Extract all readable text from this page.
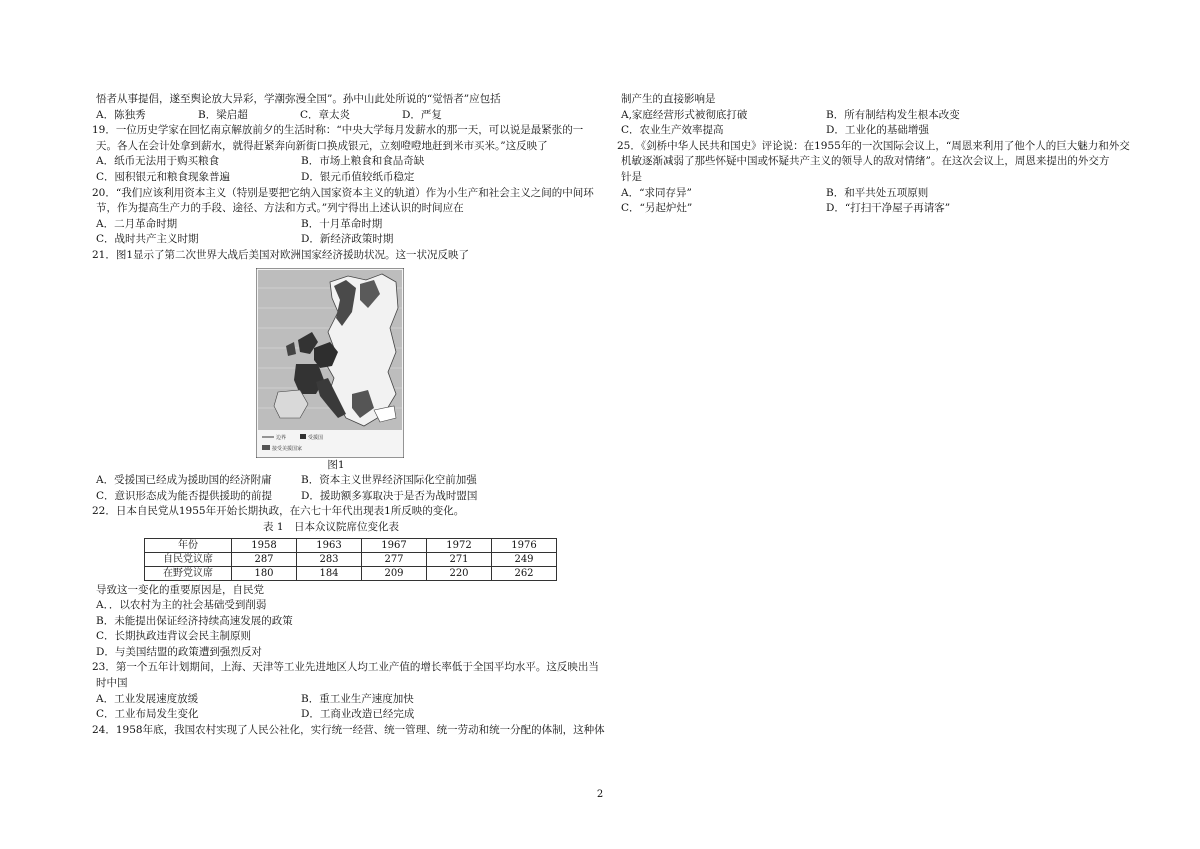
悟者从事提倡，遂至舆论放大异彩，学潮弥漫全国”。孙中山此处所说的“觉悟者”应包括
A．陈独秀	B．梁启超	C．章太炎	D．严复
19．一位历史学家在回忆南京解放前夕的生活时称：“中央大学每月发薪水的那一天，可以说是最紧张的一
天。各人在会计处拿到薪水，就得赶紧奔向新街口换成银元，立刻噔噔地赶到米市买米。”这反映了
A．纸币无法用于购买粮食	B．市场上粮食和食品奇缺
C．囤积银元和粮食现象普遍	D．银元币值较纸币稳定
20．“我们应该利用资本主义（特别是要把它纳入国家资本主义的轨道）作为小生产和社会主义之间的中间环
节，作为提高生产力的手段、途径、方法和方式。”列宁得出上述认识的时间应在
A．二月革命时期	B．十月革命时期
C．战时共产主义时期	D．新经济政策时期
21．图1显示了第二次世界大战后美国对欧洲国家经济援助状况。这一状况反映了
边界	受援国
接受美援国家
图1
A．受援国已经成为援助国的经济附庸	B．资本主义世界经济国际化空前加强
C．意识形态成为能否提供援助的前提	D．援助额多寡取决于是否为战时盟国
22．日本自民党从1955年开始长期执政，在六七十年代出现表1所反映的变化。
表 1　日本众议院席位变化表
年份	1958	1963	1967	1972	1976
自民党议席	287	283	277	271	249
在野党议席	180	184	209	220	262
导致这一变化的重要原因是，自民党
A．．以农村为主的社会基础受到削弱
B．未能提出保证经济持续高速发展的政策
C．长期执政违背议会民主制原则
D．与美国结盟的政策遭到强烈反对
23．第一个五年计划期间，上海、天津等工业先进地区人均工业产值的增长率低于全国平均水平。这反映出当
时中国
A．工业发展速度放缓	B．重工业生产速度加快
C．工业布局发生变化	D．工商业改造已经完成
24．1958年底，我国农村实现了人民公社化，实行统一经营、统一管理、统一劳动和统一分配的体制，这种体
制产生的直接影响是
A,家庭经营形式被彻底打破	B．所有制结构发生根本改变
C．农业生产效率提高	D．工业化的基础增强
25．《剑桥中华人民共和国史》评论说：在1955年的一次国际会议上，“周恩来利用了他个人的巨大魅力和外交
机敏逐渐减弱了那些怀疑中国或怀疑共产主义的领导人的敌对情绪”。在这次会议上，周恩来提出的外交方
针是
A．“求同存异”	B．和平共处五项原则
C．“另起炉灶”	D．“打扫干净屋子再请客”
2
